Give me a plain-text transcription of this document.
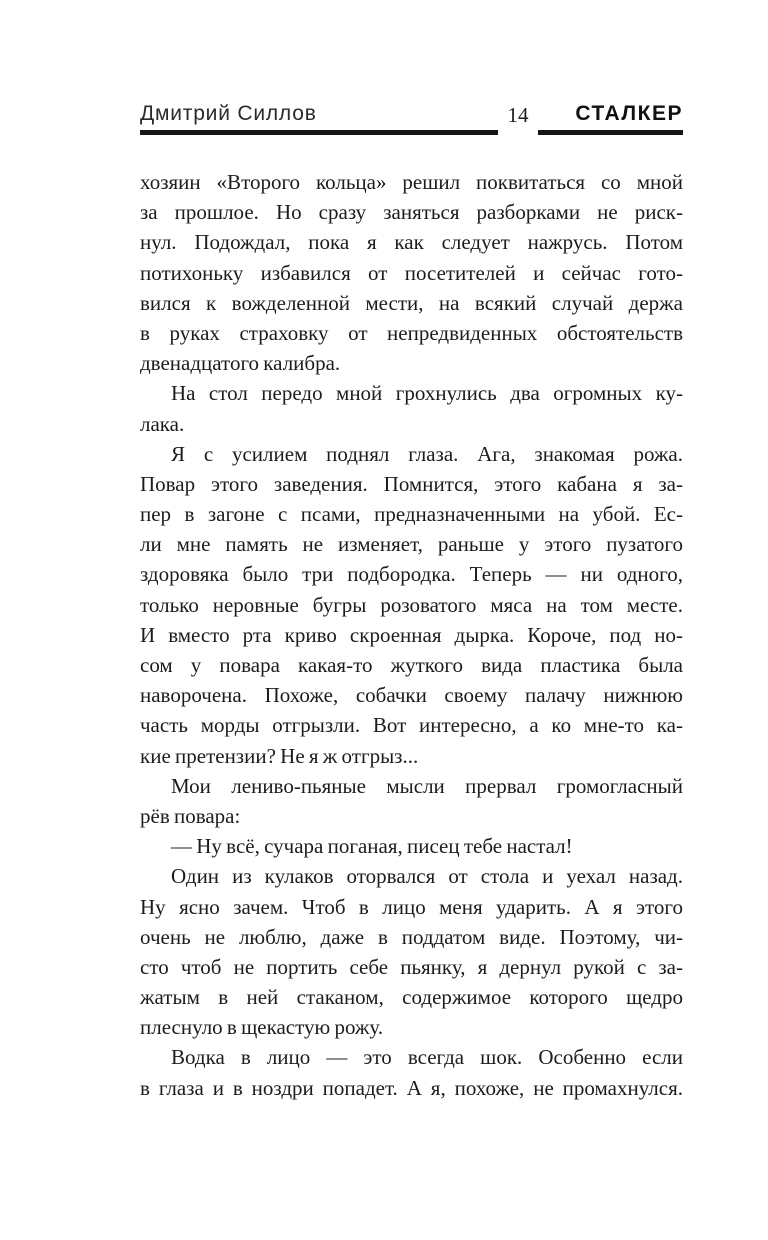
Дмитрий Силлов	14	СТАЛКЕР
хозяин «Второго кольца» решил поквитаться со мной
за прошлое. Но сразу заняться разборками не риск-
нул. Подождал, пока я как следует нажрусь. Потом
потихоньку избавился от посетителей и сейчас гото-
вился к вожделенной мести, на всякий случай держа
в руках страховку от непредвиденных обстоятельств
двенадцатого калибра.
На стол передо мной грохнулись два огромных ку-
лака.
Я с усилием поднял глаза. Ага, знакомая рожа.
Повар этого заведения. Помнится, этого кабана я за-
пер в загоне с псами, предназначенными на убой. Ес-
ли мне память не изменяет, раньше у этого пузатого
здоровяка было три подбородка. Теперь — ни одного,
только неровные бугры розоватого мяса на том месте.
И вместо рта криво скроенная дырка. Короче, под но-
сом у повара какая-то жуткого вида пластика была
наворочена. Похоже, собачки своему палачу нижнюю
часть морды отгрызли. Вот интересно, а ко мне-то ка-
кие претензии? Не я ж отгрыз...
Мои лениво-пьяные мысли прервал громогласный
рёв повара:
— Ну всё, сучара поганая, писец тебе настал!
Один из кулаков оторвался от стола и уехал назад.
Ну ясно зачем. Чтоб в лицо меня ударить. А я этого
очень не люблю, даже в поддатом виде. Поэтому, чи-
сто чтоб не портить себе пьянку, я дернул рукой с за-
жатым в ней стаканом, содержимое которого щедро
плеснуло в щекастую рожу.
Водка в лицо — это всегда шок. Особенно если
в глаза и в ноздри попадет. А я, похоже, не промахнулся.
